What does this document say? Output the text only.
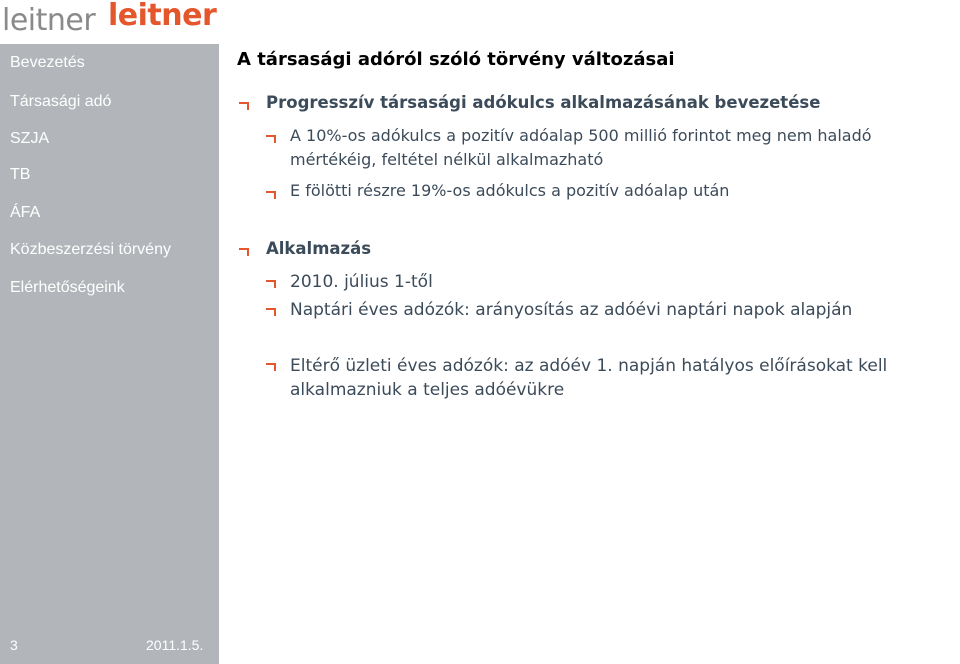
leitner leitner
Bevezetés
Társasági adó
SZJA
TB
ÁFA
Közbeszerzési törvény
Elérhetőségeink
3	2011.1.5.
A társasági adóról szóló törvény változásai
Progresszív társasági adókulcs alkalmazásának bevezetése
A 10%-os adókulcs a pozitív adóalap 500 millió forintot meg nem haladó mértékéig, feltétel nélkül alkalmazható
E fölötti részre 19%-os adókulcs a pozitív adóalap után
Alkalmazás
2010. július 1-től
Naptári éves adózók: arányosítás az adóévi naptári napok alapján
Eltérő üzleti éves adózók: az adóév 1. napján hatályos előírásokat kell alkalmazniuk a teljes adóévükre
